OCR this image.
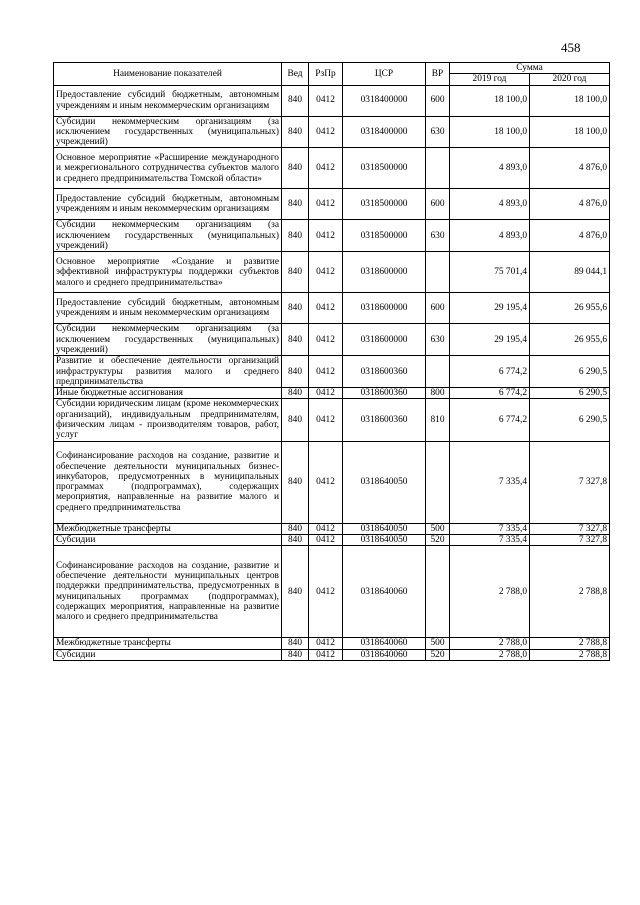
458
Наименование показателей	Вед	РзПр	ЦСР	ВР	Сумма	
					2019 год	2020 год
Предоставление субсидий бюджетным, автономным учреждениям и иным некоммерческим организациям	840	0412	0318400000	600	18 100,0	18 100,0
Субсидии некоммерческим организациям (за исключением государственных (муниципальных) учреждений)	840	0412	0318400000	630	18 100,0	18 100,0
Основное мероприятие «Расширение международного и межрегионального сотрудничества субъектов малого и среднего предпринимательства Томской области»	840	0412	0318500000		4 893,0	4 876,0
Предоставление субсидий бюджетным, автономным учреждениям и иным некоммерческим организациям	840	0412	0318500000	600	4 893,0	4 876,0
Субсидии некоммерческим организациям (за исключением государственных (муниципальных) учреждений)	840	0412	0318500000	630	4 893,0	4 876,0
Основное мероприятие «Создание и развитие эффективной инфраструктуры поддержки субъектов малого и среднего предпринимательства»	840	0412	0318600000		75 701,4	89 044,1
Предоставление субсидий бюджетным, автономным учреждениям и иным некоммерческим организациям	840	0412	0318600000	600	29 195,4	26 955,6
Субсидии некоммерческим организациям (за исключением государственных (муниципальных) учреждений)	840	0412	0318600000	630	29 195,4	26 955,6
Развитие и обеспечение деятельности организаций инфраструктуры развития малого и среднего предпринимательства	840	0412	0318600360		6 774,2	6 290,5
Иные бюджетные ассигнования	840	0412	0318600360	800	6 774,2	6 290,5
Субсидии юридическим лицам (кроме некоммерческих организаций), индивидуальным предпринимателям, физическим лицам - производителям товаров, работ, услуг	840	0412	0318600360	810	6 774,2	6 290,5
Софинансирование расходов на создание, развитие и обеспечение деятельности муниципальных бизнес-инкубаторов, предусмотренных в муниципальных программах (подпрограммах), содержащих мероприятия, направленные на развитие малого и среднего предпринимательства	840	0412	0318640050		7 335,4	7 327,8
Межбюджетные трансферты	840	0412	0318640050	500	7 335,4	7 327,8
Субсидии	840	0412	0318640050	520	7 335,4	7 327,8
Софинансирование расходов на создание, развитие и обеспечение деятельности муниципальных центров поддержки предпринимательства, предусмотренных в муниципальных программах (подпрограммах), содержащих мероприятия, направленные на развитие малого и среднего предпринимательства	840	0412	0318640060		2 788,0	2 788,8
Межбюджетные трансферты	840	0412	0318640060	500	2 788,0	2 788,8
Субсидии	840	0412	0318640060	520	2 788,0	2 788,8
